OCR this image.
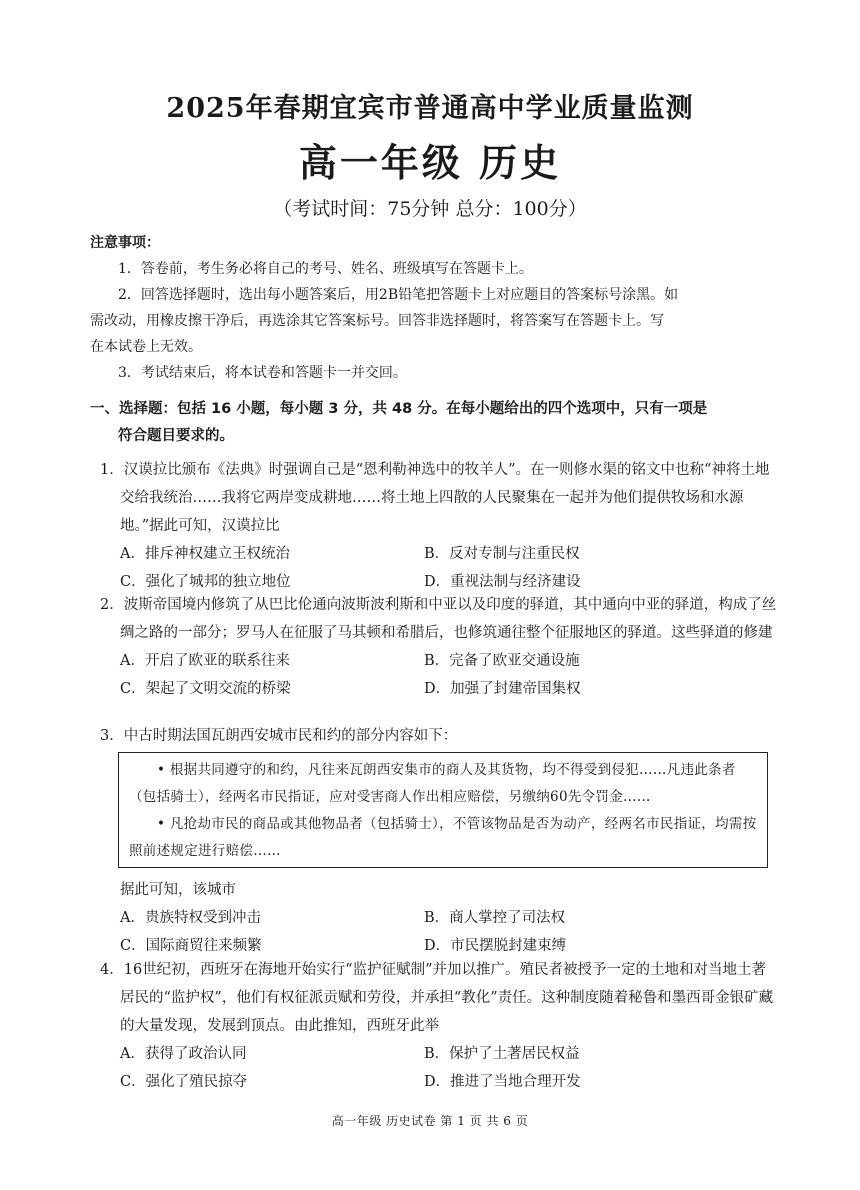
2025年春期宜宾市普通高中学业质量监测
高一年级 历史
（考试时间：75分钟 总分：100分）
注意事项：
1．答卷前，考生务必将自己的考号、姓名、班级填写在答题卡上。
2．回答选择题时，选出每小题答案后，用2B铅笔把答题卡上对应题目的答案标号涂黑。如
需改动，用橡皮擦干净后，再选涂其它答案标号。回答非选择题时，将答案写在答题卡上。写
在本试卷上无效。
3．考试结束后，将本试卷和答题卡一并交回。
一、选择题：包括 16 小题，每小题 3 分，共 48 分。在每小题给出的四个选项中，只有一项是
符合题目要求的。
1．汉谟拉比颁布《法典》时强调自己是“恩利勒神选中的牧羊人”。在一则修水渠的铭文中也称“神将土地交给我统治……我将它两岸变成耕地……将土地上四散的人民聚集在一起并为他们提供牧场和水源地。”据此可知，汉谟拉比
A．排斥神权建立王权统治	B．反对专制与注重民权
C．强化了城邦的独立地位	D．重视法制与经济建设
2．波斯帝国境内修筑了从巴比伦通向波斯波利斯和中亚以及印度的驿道，其中通向中亚的驿道，构成了丝绸之路的一部分；罗马人在征服了马其顿和希腊后，也修筑通往整个征服地区的驿道。这些驿道的修建
A．开启了欧亚的联系往来	B．完备了欧亚交通设施
C．架起了文明交流的桥梁	D．加强了封建帝国集权
3．中古时期法国瓦朗西安城市民和约的部分内容如下：

• 根据共同遵守的和约，凡往来瓦朗西安集市的商人及其货物，均不得受到侵犯……凡违此条者（包括骑士），经两名市民指证，应对受害商人作出相应赔偿，另缴纳60先令罚金……

• 凡抢劫市民的商品或其他物品者（包括骑士），不管该物品是否为动产，经两名市民指证，均需按照前述规定进行赔偿……

据此可知，该城市
A．贵族特权受到冲击	B．商人掌控了司法权
C．国际商贸往来频繁	D．市民摆脱封建束缚
4．16世纪初，西班牙在海地开始实行“监护征赋制”并加以推广。殖民者被授予一定的土地和对当地土著居民的“监护权”，他们有权征派贡赋和劳役，并承担“教化”责任。这种制度随着秘鲁和墨西哥金银矿藏的大量发现，发展到顶点。由此推知，西班牙此举
A．获得了政治认同	B．保护了土著居民权益
C．强化了殖民掠夺	D．推进了当地合理开发
高一年级 历史试卷 第 1 页 共 6 页
